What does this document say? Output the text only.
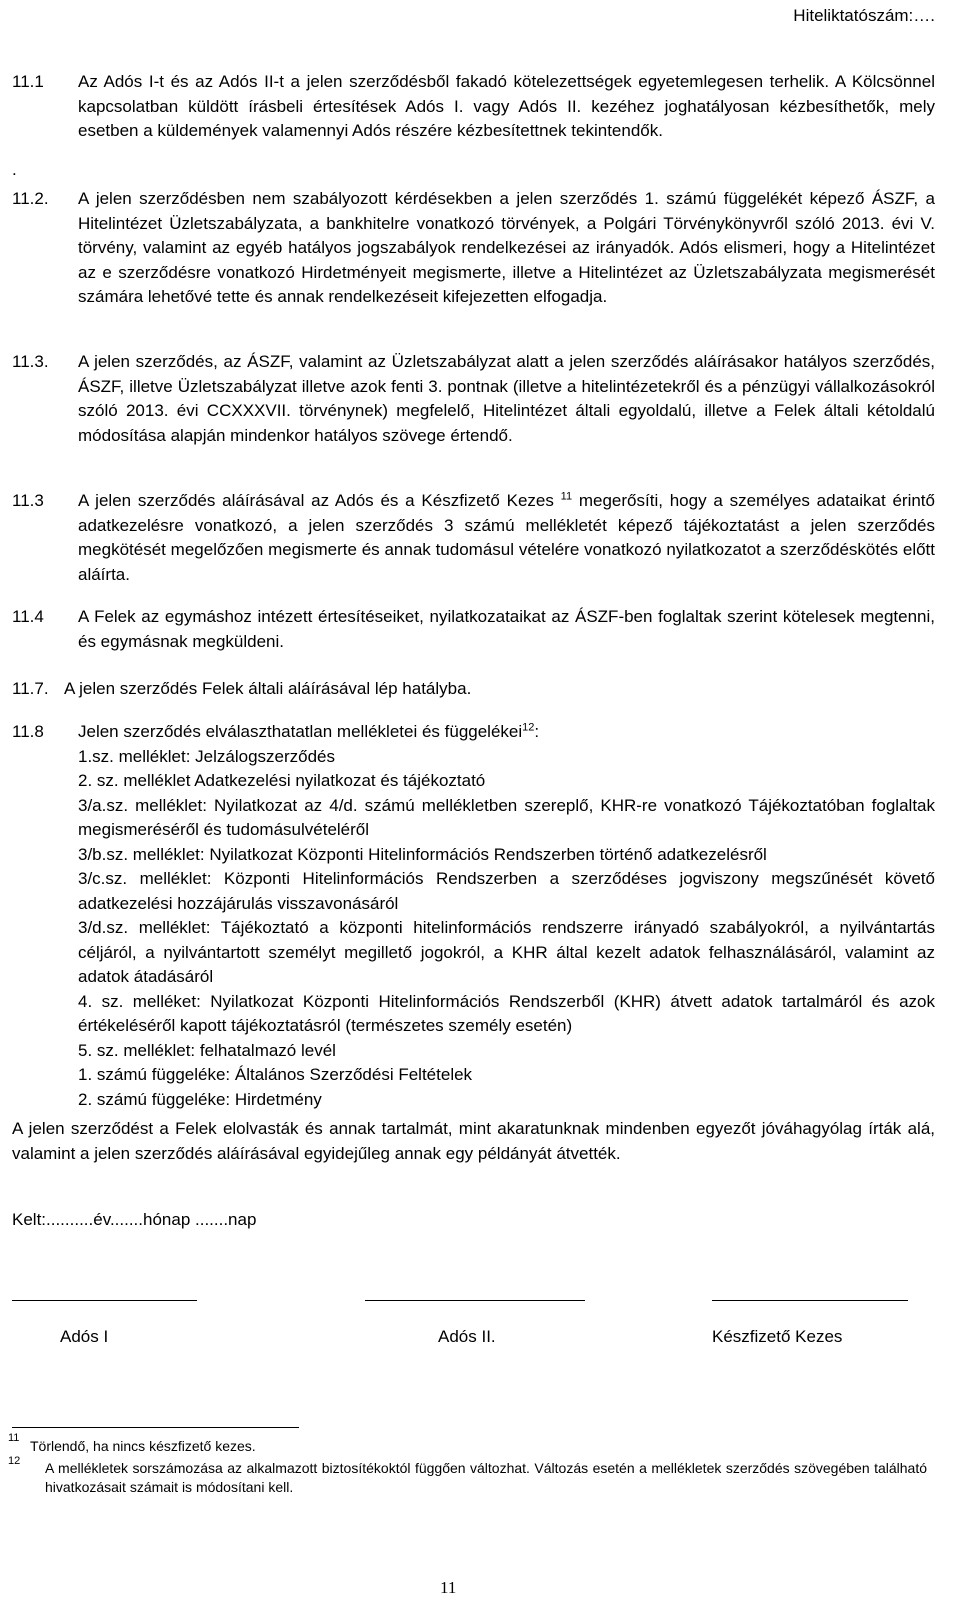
Hiteliktatószám:….
11.1 Az Adós I-t és az Adós II-t a jelen szerződésből fakadó kötelezettségek egyetemlegesen terhelik. A Kölcsönnel kapcsolatban küldött írásbeli értesítések Adós I. vagy Adós II. kezéhez joghatályosan kézbesíthetők, mely esetben a küldemények valamennyi Adós részére kézbesítettnek tekintendők.
.
11.2. A jelen szerződésben nem szabályozott kérdésekben a jelen szerződés 1. számú függelékét képező ÁSZF, a Hitelintézet Üzletszabályzata, a bankhitelre vonatkozó törvények, a Polgári Törvénykönyvről szóló 2013. évi V. törvény, valamint az egyéb hatályos jogszabályok rendelkezései az irányadók. Adós elismeri, hogy a Hitelintézet az e szerződésre vonatkozó Hirdetményeit megismerte, illetve a Hitelintézet az Üzletszabályzata megismerését számára lehetővé tette és annak rendelkezéseit kifejezetten elfogadja.
11.3. A jelen szerződés, az ÁSZF, valamint az Üzletszabályzat alatt a jelen szerződés aláírásakor hatályos szerződés, ÁSZF, illetve Üzletszabályzat illetve azok fenti 3. pontnak (illetve a hitelintézetekről és a pénzügyi vállalkozásokról szóló 2013. évi CCXXXVII. törvénynek) megfelelő, Hitelintézet általi egyoldalú, illetve a Felek általi kétoldalú módosítása alapján mindenkor hatályos szövege értendő.
11.3 A jelen szerződés aláírásával az Adós és a Készfizető Kezes $^{11}$ megerősíti, hogy a személyes adataikat érintő adatkezelésre vonatkozó, a jelen szerződés 3 számú mellékletét képező tájékoztatást a jelen szerződés megkötését megelőzően megismerte és annak tudomásul vételére vonatkozó nyilatkozatot a szerződéskötés előtt aláírta.
11.4 A Felek az egymáshoz intézett értesítéseiket, nyilatkozataikat az ÁSZF-ben foglaltak szerint kötelesek megtenni, és egymásnak megküldeni.
11.7. A jelen szerződés Felek általi aláírásával lép hatályba.
11.8 Jelen szerződés elválaszthatatlan mellékletei és függelékei$^{12}$:
1.sz. melléklet: Jelzálogszerződés
2. sz. melléklet Adatkezelési nyilatkozat és tájékoztató
3/a.sz. melléklet: Nyilatkozat az 4/d. számú mellékletben szereplő, KHR-re vonatkozó Tájékoztatóban foglaltak megismeréséről és tudomásulvételéről
3/b.sz. melléklet: Nyilatkozat Központi Hitelinformációs Rendszerben történő adatkezelésről
3/c.sz. melléklet: Központi Hitelinformációs Rendszerben a szerződéses jogviszony megszűnését követő adatkezelési hozzájárulás visszavonásáról
3/d.sz. melléklet: Tájékoztató a központi hitelinformációs rendszerre irányadó szabályokról, a nyilvántartás céljáról, a nyilvántartott személyt megillető jogokról, a KHR által kezelt adatok felhasználásáról, valamint az adatok átadásáról
4. sz. melléket: Nyilatkozat Központi Hitelinformációs Rendszerből (KHR) átvett adatok tartalmáról és azok értékeléséről kapott tájékoztatásról (természetes személy esetén)
5. sz. melléklet: felhatalmazó levél
1. számú függeléke: Általános Szerződési Feltételek
2. számú függeléke: Hirdetmény
A jelen szerződést a Felek elolvasták és annak tartalmát, mint akaratunknak mindenben egyezőt jóváhagyólag írták alá, valamint a jelen szerződés aláírásával egyidejűleg annak egy példányát átvették.
Kelt:..........év.......hónap .......nap
Adós I	Adós II.	Készfizető Kezes
11 Törlendő, ha nincs készfizető kezes.
12 A mellékletek sorszámozása az alkalmazott biztosítékoktól függően változhat. Változás esetén a mellékletek szerződés szövegében található hivatkozásait számait is módosítani kell.
11
